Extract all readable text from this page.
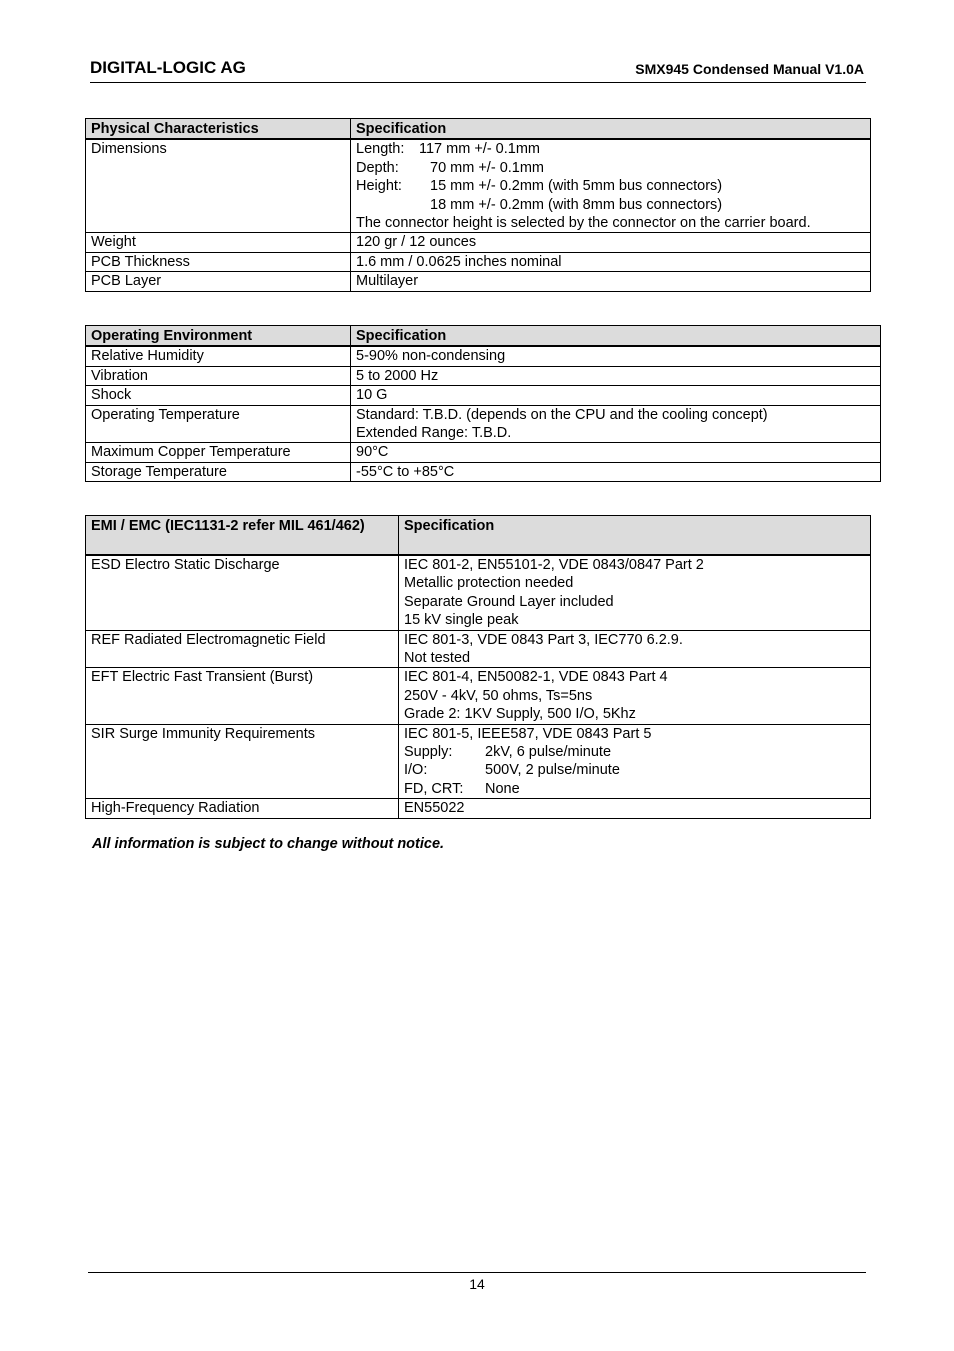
DIGITAL-LOGIC AG	SMX945 Condensed Manual V1.0A
Physical Characteristics	Specification
Dimensions	Length: 117 mm +/- 0.1mm
Depth: 70 mm +/- 0.1mm
Height: 15 mm +/- 0.2mm (with 5mm bus connectors)
18 mm +/- 0.2mm (with 8mm bus connectors)
The connector height is selected by the connector on the carrier board.

Weight	120 gr / 12 ounces
PCB Thickness	1.6 mm / 0.0625 inches nominal
PCB Layer	Multilayer
Operating Environment	Specification
Relative Humidity	5-90% non-condensing
Vibration	5 to 2000 Hz
Shock	10 G
Operating Temperature	Standard: T.B.D. (depends on the CPU and the cooling concept)
Extended Range: T.B.D.

Maximum Copper Temperature	90°C
Storage Temperature	-55°C to +85°C
EMI / EMC (IEC1131-2 refer MIL 461/462)	Specification
ESD Electro Static Discharge	IEC 801-2, EN55101-2, VDE 0843/0847 Part 2
Metallic protection needed
Separate Ground Layer included
15 kV single peak

REF Radiated Electromagnetic Field	IEC 801-3, VDE 0843 Part 3, IEC770 6.2.9.
Not tested

EFT Electric Fast Transient (Burst)	IEC 801-4, EN50082-1, VDE 0843 Part 4
250V - 4kV, 50 ohms, Ts=5ns
Grade 2: 1KV Supply, 500 I/O, 5Khz

SIR Surge Immunity Requirements	IEC 801-5, IEEE587, VDE 0843 Part 5
Supply: 2kV, 6 pulse/minute
I/O: 500V, 2 pulse/minute
FD, CRT: None

High-Frequency Radiation	EN55022
All information is subject to change without notice.
14
